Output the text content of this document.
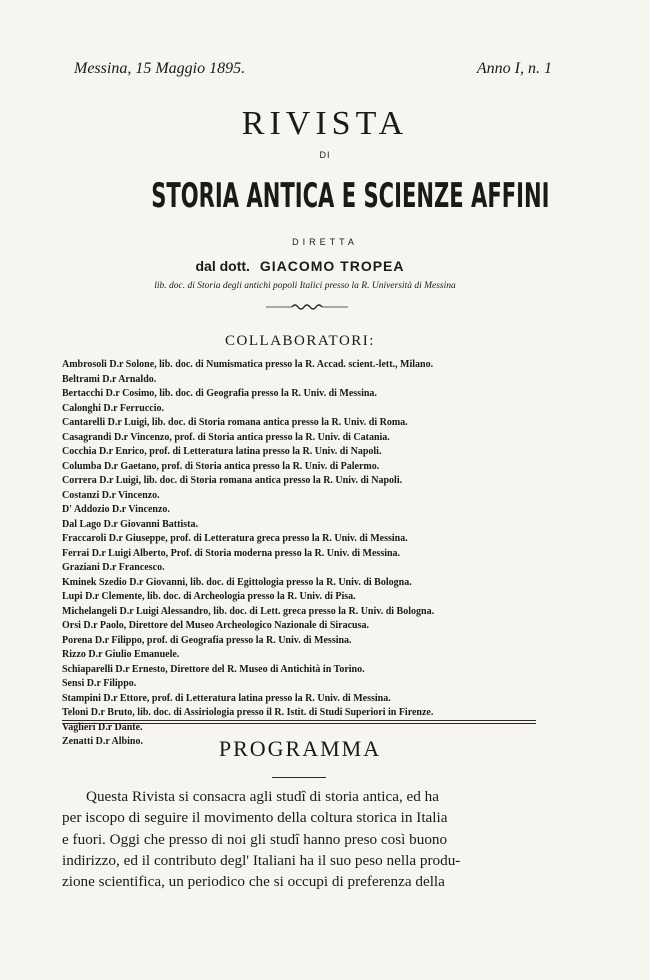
Messina, 15 Maggio 1895.	Anno I, n. 1
RIVISTA
DI
STORIA ANTICA E SCIENZE AFFINI
DIRETTA
dal dott. GIACOMO TROPEA
lib. doc. di Storia degli antichi popoli Italici presso la R. Università di Messina
COLLABORATORI:
Ambrosoli D.r Solone, lib. doc. di Numismatica presso la R. Accad. scient.-lett., Milano.
Beltrami D.r Arnaldo.
Bertacchi D.r Cosimo, lib. doc. di Geografia presso la R. Univ. di Messina.
Calonghi D.r Ferruccio.
Cantarelli D.r Luigi, lib. doc. di Storia romana antica presso la R. Univ. di Roma.
Casagrandi D.r Vincenzo, prof. di Storia antica presso la R. Univ. di Catania.
Cocchia D.r Enrico, prof. di Letteratura latina presso la R. Univ. di Napoli.
Columba D.r Gaetano, prof. di Storia antica presso la R. Univ. di Palermo.
Correra D.r Luigi, lib. doc. di Storia romana antica presso la R. Univ. di Napoli.
Costanzi D.r Vincenzo.
D' Addozio D.r Vincenzo.
Dal Lago D.r Giovanni Battista.
Fraccaroli D.r Giuseppe, prof. di Letteratura greca presso la R. Univ. di Messina.
Ferrai D.r Luigi Alberto, Prof. di Storia moderna presso la R. Univ. di Messina.
Graziani D.r Francesco.
Kminek Szedio D.r Giovanni, lib. doc. di Egittologia presso la R. Univ. di Bologna.
Lupi D.r Clemente, lib. doc. di Archeologia presso la R. Univ. di Pisa.
Michelangeli D.r Luigi Alessandro, lib. doc. di Lett. greca presso la R. Univ. di Bologna.
Orsi D.r Paolo, Direttore del Museo Archeologico Nazionale di Siracusa.
Porena D.r Filippo, prof. di Geografia presso la R. Univ. di Messina.
Rizzo D.r Giulio Emanuele.
Schiaparelli D.r Ernesto, Direttore del R. Museo di Antichità in Torino.
Sensi D.r Filippo.
Stampini D.r Ettore, prof. di Letteratura latina presso la R. Univ. di Messina.
Teloni D.r Bruto, lib. doc. di Assiriologia presso il R. Istit. di Studi Superiori in Firenze.
Vaglieri D.r Dante.
Zenatti D.r Albino.	PROGRAMMA
Questa Rivista si consacra agli studî di storia antica, ed ha
per iscopo di seguire il movimento della coltura storica in Italia
e fuori. Oggi che presso di noi gli studî hanno preso così buono
indirizzo, ed il contributo degl' Italiani ha il suo peso nella produ-
zione scientifica, un periodico che si occupi di preferenza della
